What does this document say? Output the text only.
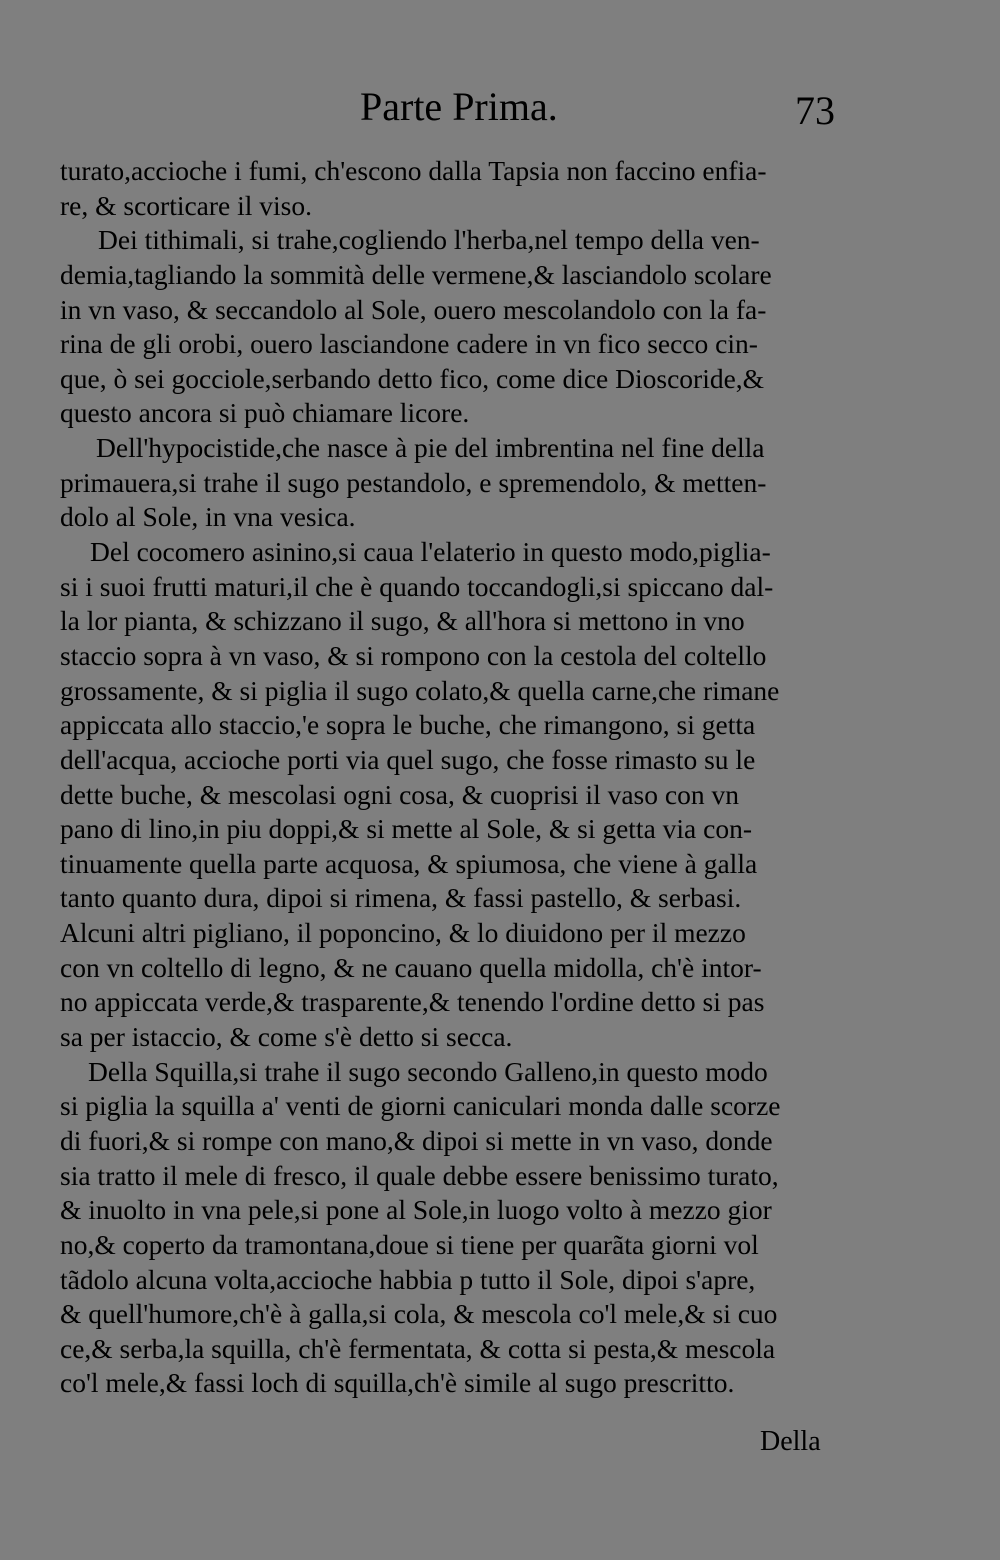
Parte Prima.	73
turato,accioche i fumi, ch'escono dalla Tapsia non faccino enfia-
re, & scorticare il viso.
Dei tithimali, si trahe,cogliendo l'herba,nel tempo della ven-
demia,tagliando la sommità delle vermene,& lasciandolo scolare
in vn vaso, & seccandolo al Sole, ouero mescolandolo con la fa-
rina de gli orobi, ouero lasciandone cadere in vn fico secco cin-
que, ò sei gocciole,serbando detto fico, come dice Dioscoride,&
questo ancora si può chiamare licore.
Dell'hypocistide,che nasce à pie del imbrentina nel fine della
primauera,si trahe il sugo pestandolo, e spremendolo, & metten-
dolo al Sole, in vna vesica.
Del cocomero asinino,si caua l'elaterio in questo modo,piglia-
si i suoi frutti maturi,il che è quando toccandogli,si spiccano dal-
la lor pianta, & schizzano il sugo, & all'hora si mettono in vno
staccio sopra à vn vaso, & si rompono con la cestola del coltello
grossamente, & si piglia il sugo colato,& quella carne,che rimane
appiccata allo staccio,'e sopra le buche, che rimangono, si getta
dell'acqua, accioche porti via quel sugo, che fosse rimasto su le
dette buche, & mescolasi ogni cosa, & cuoprisi il vaso con vn
pano di lino,in piu doppi,& si mette al Sole, & si getta via con-
tinuamente quella parte acquosa, & spiumosa, che viene à galla
tanto quanto dura, dipoi si rimena, & fassi pastello, & serbasi.
Alcuni altri pigliano, il poponcino, & lo diuidono per il mezzo
con vn coltello di legno, & ne cauano quella midolla, ch'è intor-
no appiccata verde,& trasparente,& tenendo l'ordine detto si pas
sa per istaccio, & come s'è detto si secca.
Della Squilla,si trahe il sugo secondo Galleno,in questo modo
si piglia la squilla a' venti de giorni caniculari monda dalle scorze
di fuori,& si rompe con mano,& dipoi si mette in vn vaso, donde
sia tratto il mele di fresco, il quale debbe essere benissimo turato,
& inuolto in vna pele,si pone al Sole,in luogo volto à mezzo gior
no,& coperto da tramontana,doue si tiene per quarãta giorni vol
tãdolo alcuna volta,accioche habbia p tutto il Sole, dipoi s'apre,
& quell'humore,ch'è à galla,si cola, & mescola co'l mele,& si cuo
ce,& serba,la squilla, ch'è fermentata, & cotta si pesta,& mescola
co'l mele,& fassi loch di squilla,ch'è simile al sugo prescritto.
Della
